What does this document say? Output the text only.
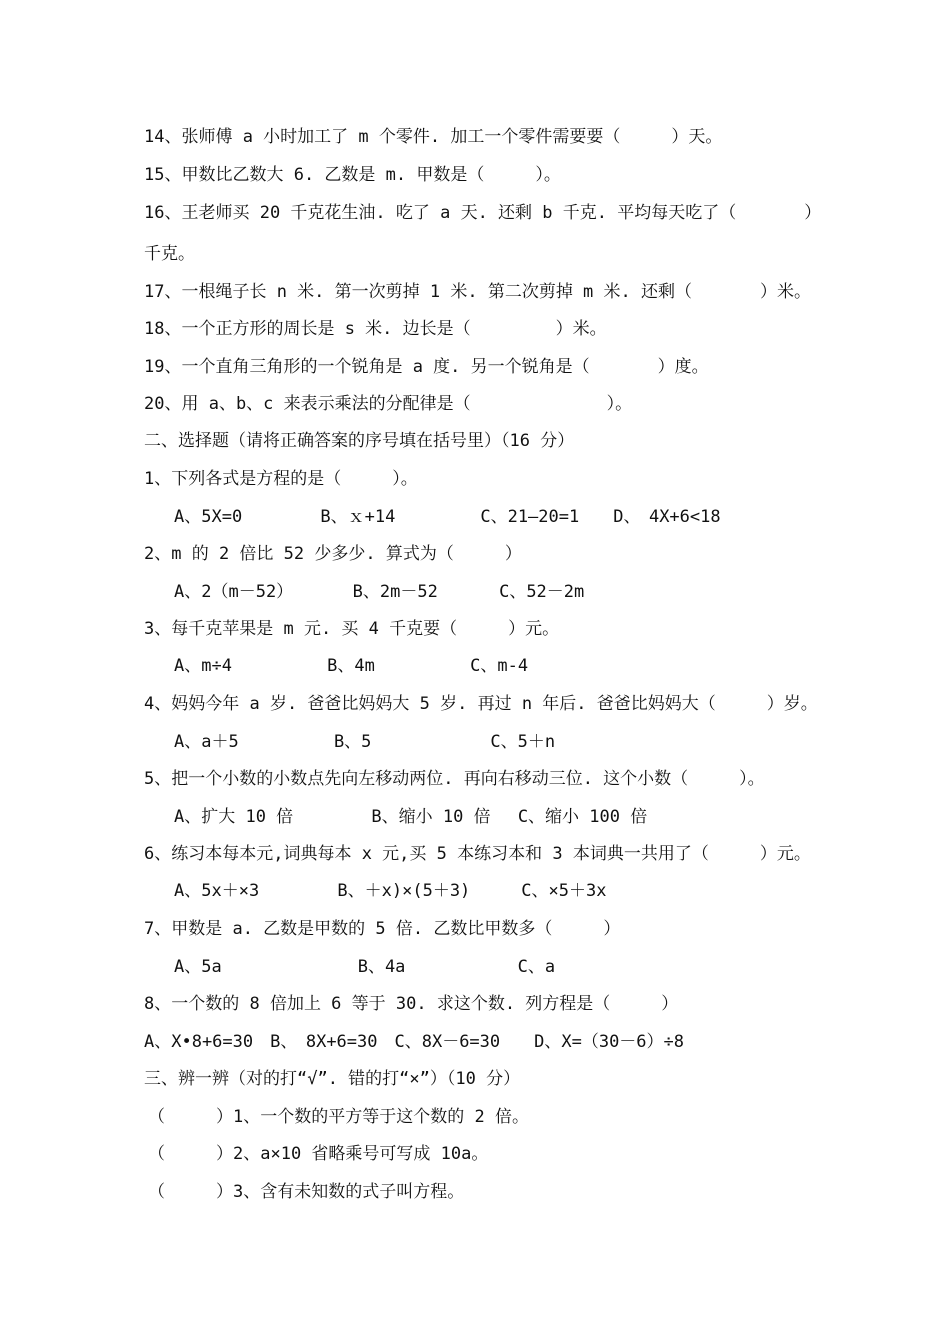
14、张师傅 a 小时加工了 m 个零件. 加工一个零件需要要（　　　）天。
15、甲数比乙数大 6. 乙数是 m. 甲数是（　　　）。
16、王老师买 20 千克花生油. 吃了 a 天. 还剩 b 千克. 平均每天吃了（　　　　）
千克。
17、一根绳子长 n 米. 第一次剪掉 1 米. 第二次剪掉 m 米. 还剩（　　　　）米。
18、一个正方形的周长是 s 米. 边长是（　　　　　）米。
19、一个直角三角形的一个锐角是 a 度. 另一个锐角是（　　　　）度。
20、用 a、b、c 来表示乘法的分配律是（　　　　　　　　）。
二、选择题（请将正确答案的序号填在括号里）（16 分）
1、下列各式是方程的是（　　　）。
A、5X=0　　　　 B、ｘ+14　　　　　C、21—20=1　　D、　4X+6<18
2、m 的 2 倍比 52 少多少. 算式为（　　　）
A、2（m－52）　　　　B、2m－52　　　 C、52－2m
3、每千克苹果是 m 元. 买 4 千克要（　　　）元。
A、m÷4　　　　　 B、4m　　　　　 C、m-4
4、妈妈今年 a 岁. 爸爸比妈妈大 5 岁. 再过 n 年后. 爸爸比妈妈大（　　　）岁。
A、a＋5　　　　　 B、5　　　　　　　C、5＋n
5、把一个小数的小数点先向左移动两位. 再向右移动三位. 这个小数（　　　）。
A、扩大 10 倍　　　　 B、缩小 10 倍　 C、缩小 100 倍
6、练习本每本元,词典每本 x 元,买 5 本练习本和 3 本词典一共用了（　　　）元。
A、5x＋×3　　　　 B、＋x)×(5＋3)　　　C、×5＋3x
7、甲数是 a. 乙数是甲数的 5 倍. 乙数比甲数多（　　　）
A、5a　　　　　　　　B、4a　　　　　　 C、a
8、一个数的 8 倍加上 6 等于 30. 求这个数. 列方程是（　　　）
A、X•8+6=30　B、　8X+6=30　C、8X－6=30　　D、X=（30－6）÷8
三、辨一辨（对的打“√”. 错的打“×”）（10 分）
（　　　）1、一个数的平方等于这个数的 2 倍。
（　　　）2、a×10 省略乘号可写成 10a。
（　　　）3、含有未知数的式子叫方程。
